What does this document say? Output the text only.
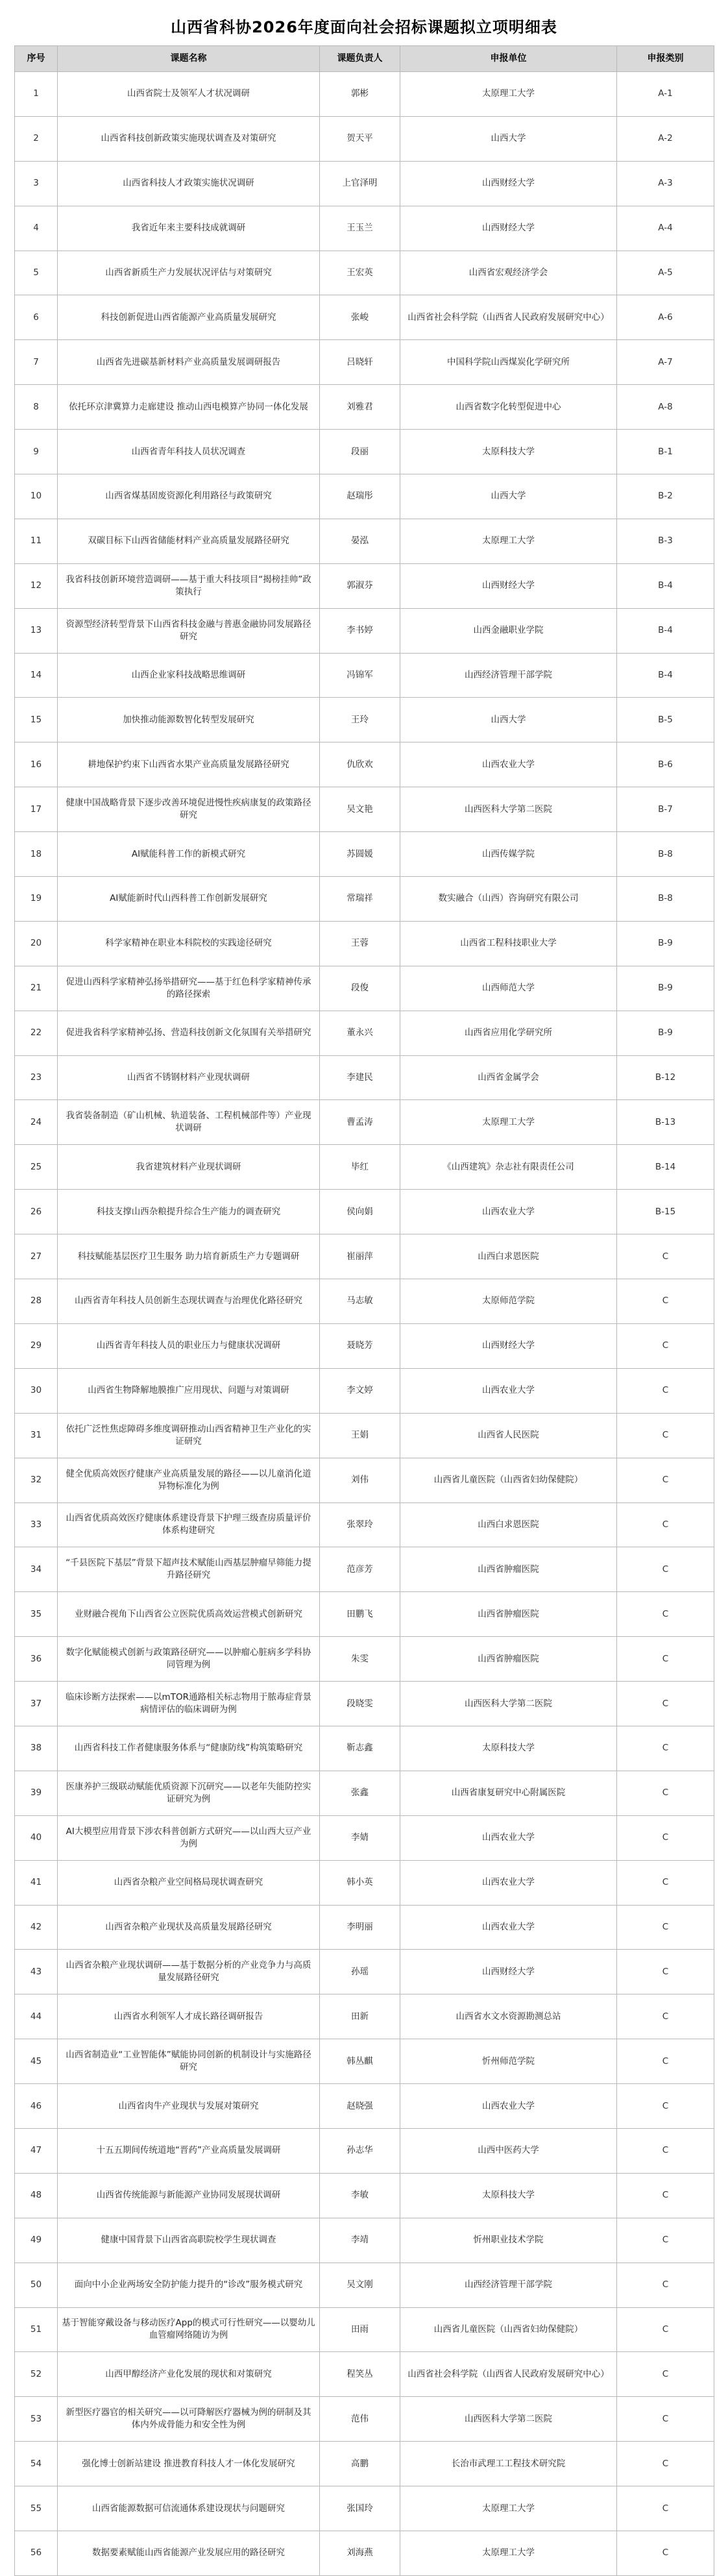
山西省科协2026年度面向社会招标课题拟立项明细表
序号	课题名称	课题负责人	申报单位	申报类别
1	山西省院士及领军人才状况调研	郭彬	太原理工大学	A-1
2	山西省科技创新政策实施现状调查及对策研究	贺天平	山西大学	A-2
3	山西省科技人才政策实施状况调研	上官泽明	山西财经大学	A-3
4	我省近年来主要科技成就调研	王玉兰	山西财经大学	A-4
5	山西省新质生产力发展状况评估与对策研究	王宏英	山西省宏观经济学会	A-5
6	科技创新促进山西省能源产业高质量发展研究	张峻	山西省社会科学院（山西省人民政府发展研究中心）	A-6
7	山西省先进碳基新材料产业高质量发展调研报告	吕晓轩	中国科学院山西煤炭化学研究所	A-7
8	依托环京津冀算力走廊建设 推动山西电模算产协同一体化发展	刘雅君	山西省数字化转型促进中心	A-8
9	山西省青年科技人员状况调查	段丽	太原科技大学	B-1
10	山西省煤基固废资源化利用路径与政策研究	赵瑞彤	山西大学	B-2
11	双碳目标下山西省储能材料产业高质量发展路径研究	晏泓	太原理工大学	B-3
12	我省科技创新环境营造调研——基于重大科技项目“揭榜挂帅”政策执行	郭淑芬	山西财经大学	B-4
13	资源型经济转型背景下山西省科技金融与普惠金融协同发展路径研究	李书婷	山西金融职业学院	B-4
14	山西企业家科技战略思维调研	冯锦军	山西经济管理干部学院	B-4
15	加快推动能源数智化转型发展研究	王玲	山西大学	B-5
16	耕地保护约束下山西省水果产业高质量发展路径研究	仇欣欢	山西农业大学	B-6
17	健康中国战略背景下逐步改善环境促进慢性疾病康复的政策路径研究	吴文艳	山西医科大学第二医院	B-7
18	AI赋能科普工作的新模式研究	苏圆媛	山西传媒学院	B-8
19	AI赋能新时代山西科普工作创新发展研究	常瑞祥	数实融合（山西）咨询研究有限公司	B-8
20	科学家精神在职业本科院校的实践途径研究	王蓉	山西省工程科技职业大学	B-9
21	促进山西科学家精神弘扬举措研究——基于红色科学家精神传承的路径探索	段俊	山西师范大学	B-9
22	促进我省科学家精神弘扬、营造科技创新文化氛围有关举措研究	董永兴	山西省应用化学研究所	B-9
23	山西省不锈钢材料产业现状调研	李建民	山西省金属学会	B-12
24	我省装备制造（矿山机械、轨道装备、工程机械部件等）产业现状调研	曹孟涛	太原理工大学	B-13
25	我省建筑材料产业现状调研	毕红	《山西建筑》杂志社有限责任公司	B-14
26	科技支撑山西杂粮提升综合生产能力的调查研究	侯向娟	山西农业大学	B-15
27	科技赋能基层医疗卫生服务 助力培育新质生产力专题调研	崔丽萍	山西白求恩医院	C
28	山西省青年科技人员创新生态现状调查与治理优化路径研究	马志敏	太原师范学院	C
29	山西省青年科技人员的职业压力与健康状况调研	聂晓芳	山西财经大学	C
30	山西省生物降解地膜推广应用现状、问题与对策调研	李文婷	山西农业大学	C
31	依托广泛性焦虑障碍多维度调研推动山西省精神卫生产业化的实证研究	王娟	山西省人民医院	C
32	健全优质高效医疗健康产业高质量发展的路径——以儿童消化道异物标准化为例	刘伟	山西省儿童医院（山西省妇幼保健院）	C
33	山西省优质高效医疗健康体系建设背景下护理三级查房质量评价体系构建研究	张翠玲	山西白求恩医院	C
34	“千县医院下基层”背景下超声技术赋能山西基层肿瘤早筛能力提升路径研究	范彦芳	山西省肿瘤医院	C
35	业财融合视角下山西省公立医院优质高效运营模式创新研究	田鹏飞	山西省肿瘤医院	C
36	数字化赋能模式创新与政策路径研究——以肿瘤心脏病多学科协同管理为例	朱雯	山西省肿瘤医院	C
37	临床诊断方法探索——以mTOR通路相关标志物用于脓毒症背景病情评估的临床调研为例	段晓雯	山西医科大学第二医院	C
38	山西省科技工作者健康服务体系与“健康防线”构筑策略研究	靳志鑫	太原科技大学	C
39	医康养护三级联动赋能优质资源下沉研究——以老年失能防控实证研究为例	张鑫	山西省康复研究中心附属医院	C
40	AI大模型应用背景下涉农科普创新方式研究——以山西大豆产业为例	李婧	山西农业大学	C
41	山西省杂粮产业空间格局现状调查研究	韩小英	山西农业大学	C
42	山西省杂粮产业现状及高质量发展路径研究	李明丽	山西农业大学	C
43	山西省杂粮产业现状调研——基于数据分析的产业竞争力与高质量发展路径研究	孙瑶	山西财经大学	C
44	山西省水利领军人才成长路径调研报告	田新	山西省水文水资源勘测总站	C
45	山西省制造业“工业智能体”赋能协同创新的机制设计与实施路径研究	韩丛麒	忻州师范学院	C
46	山西省肉牛产业现状与发展对策研究	赵晓强	山西农业大学	C
47	十五五期间传统道地“晋药”产业高质量发展调研	孙志华	山西中医药大学	C
48	山西省传统能源与新能源产业协同发展现状调研	李敏	太原科技大学	C
49	健康中国背景下山西省高职院校学生现状调查	李靖	忻州职业技术学院	C
50	面向中小企业两场安全防护能力提升的“诊改”服务模式研究	吴文刚	山西经济管理干部学院	C
51	基于智能穿戴设备与移动医疗App的模式可行性研究——以婴幼儿血管瘤网络随访为例	田雨	山西省儿童医院（山西省妇幼保健院）	C
52	山西甲醇经济产业化发展的现状和对策研究	程笑丛	山西省社会科学院（山西省人民政府发展研究中心）	C
53	新型医疗器官的相关研究——以可降解医疗器械为例的研制及其体内外成骨能力和安全性为例	范伟	山西医科大学第二医院	C
54	强化博士创新站建设 推进教育科技人才一体化发展研究	高鹏	长治市武理工工程技术研究院	C
55	山西省能源数据可信流通体系建设现状与问题研究	张国玲	太原理工大学	C
56	数据要素赋能山西省能源产业发展应用的路径研究	刘海燕	太原理工大学	C
